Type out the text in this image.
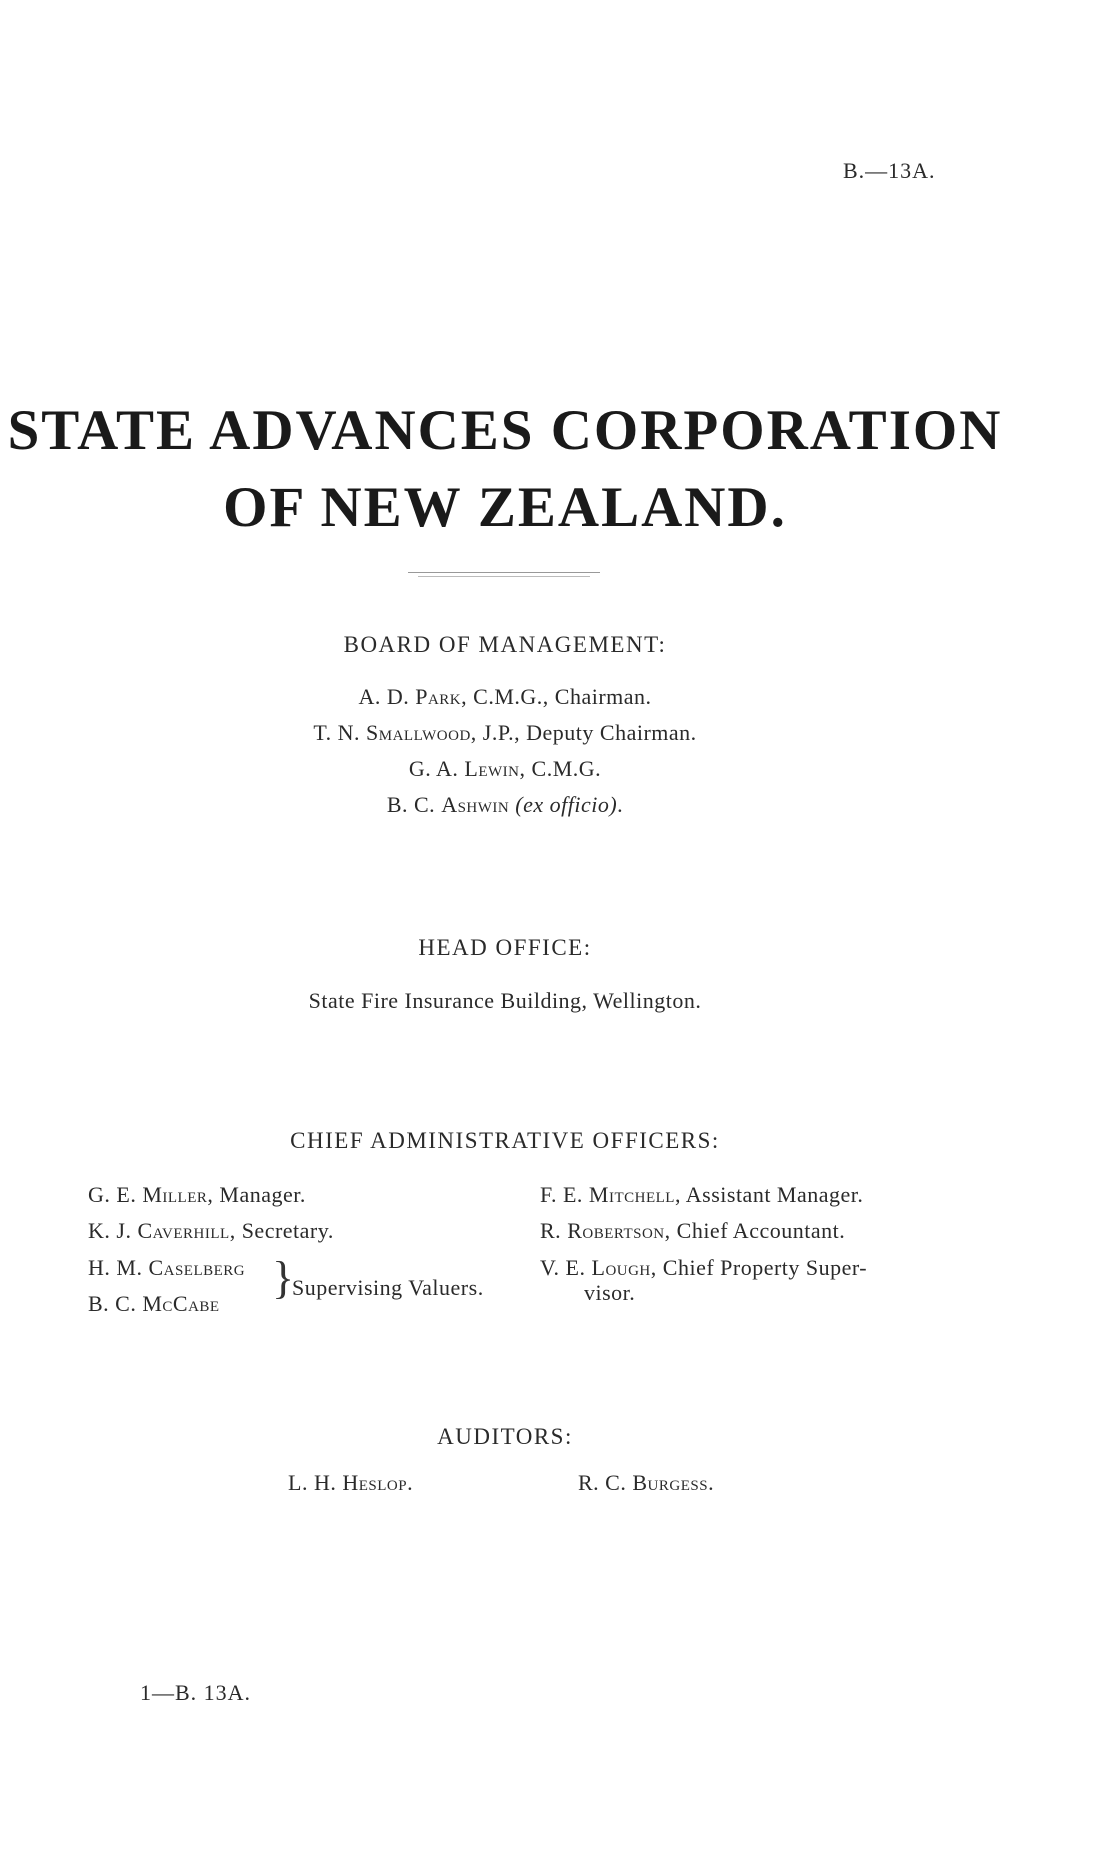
B.—13A.
STATE ADVANCES CORPORATION
OF NEW ZEALAND.
BOARD OF MANAGEMENT:
A. D. Park, C.M.G., Chairman.
T. N. Smallwood, J.P., Deputy Chairman.
G. A. Lewin, C.M.G.
B. C. Ashwin (ex officio).
HEAD OFFICE:
State Fire Insurance Building, Wellington.
CHIEF ADMINISTRATIVE OFFICERS:
G. E. Miller, Manager.
K. J. Caverhill, Secretary.
H. M. Caselberg
B. C. McCabe
}
Supervising Valuers.
F. E. Mitchell, Assistant Manager.
R. Robertson, Chief Accountant.
V. E. Lough, Chief Property Super-
visor.
AUDITORS:
L. H. Heslop.	R. C. Burgess.
1—B. 13A.
